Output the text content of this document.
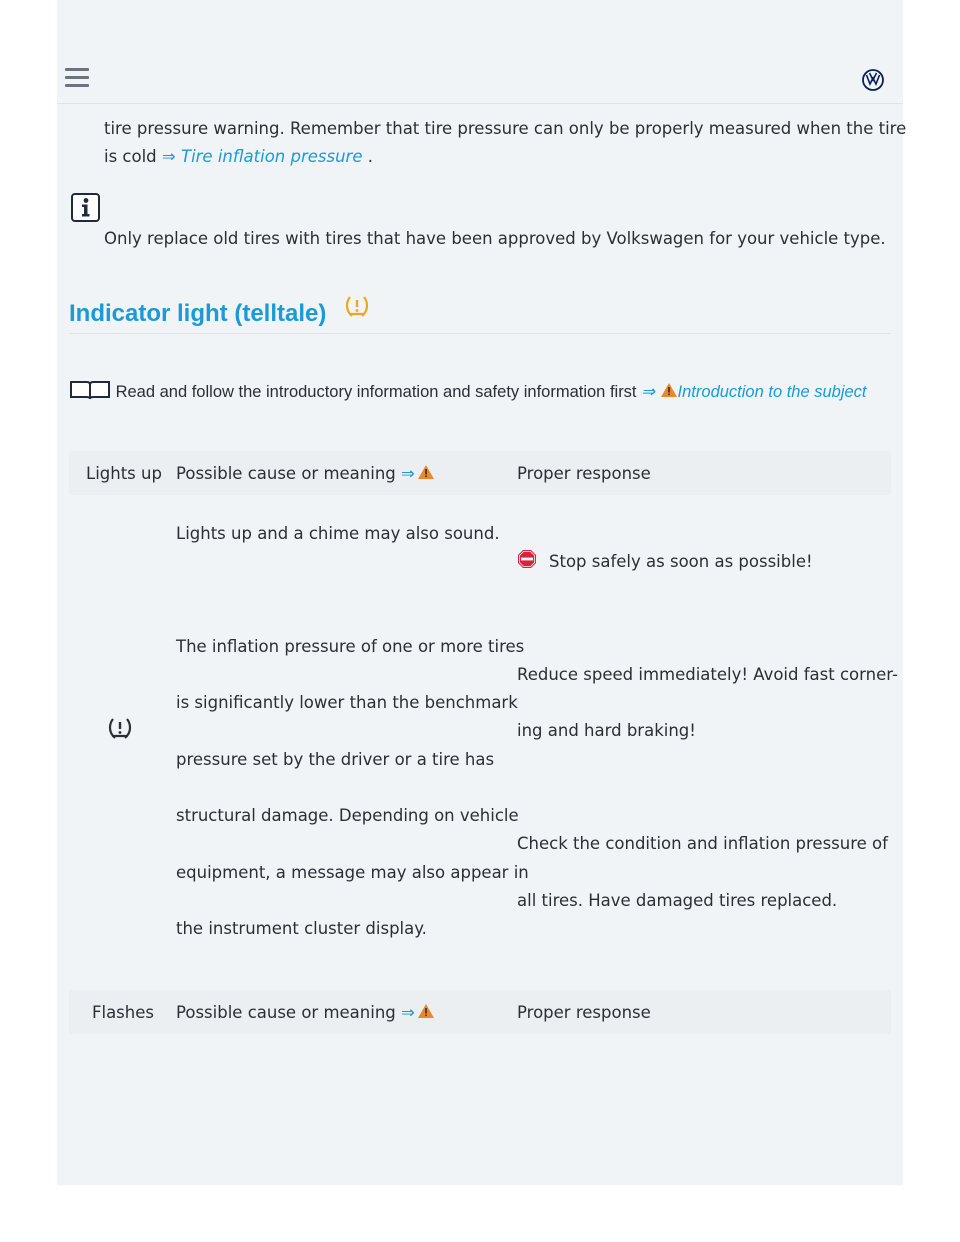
tire pressure warning. Remember that tire pressure can only be properly measured when the tire
is cold ⇒ Tire inflation pressure .
Only replace old tires with tires that have been approved by Volkswagen for your vehicle type.
Indicator light (telltale)
Read and follow the introductory information and safety information first ⇒ Introduction to the subject
Lights up Possible cause or meaning ⇒	Proper response
Lights up and a chime may also sound.
The inflation pressure of one or more tires
is significantly lower than the benchmark
pressure set by the driver or a tire has
structural damage. Depending on vehicle
equipment, a message may also appear in
the instrument cluster display.
Stop safely as soon as possible!
Reduce speed immediately! Avoid fast corner-
ing and hard braking!
Check the condition and inflation pressure of
all tires. Have damaged tires replaced.
Flashes Possible cause or meaning ⇒	Proper response
